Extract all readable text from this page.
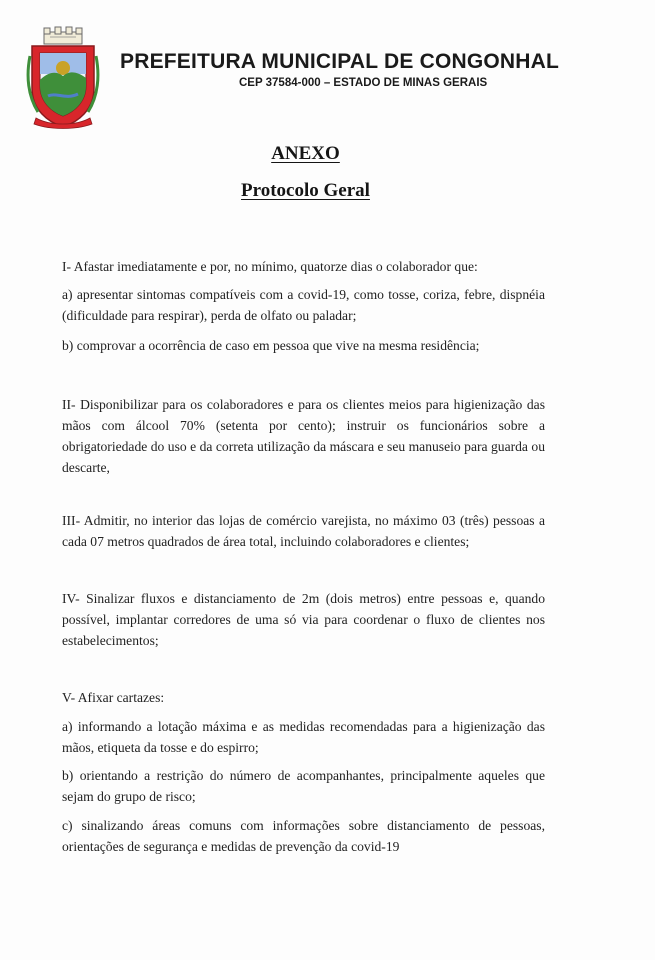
PREFEITURA MUNICIPAL DE CONGONHAL
CEP 37584-000 – ESTADO DE MINAS GERAIS
ANEXO
Protocolo Geral
I- Afastar imediatamente e por, no mínimo, quatorze dias o colaborador que:
a) apresentar sintomas compatíveis com a covid-19, como tosse, coriza, febre, dispnéia (dificuldade para respirar), perda de olfato ou paladar;
b) comprovar a ocorrência de caso em pessoa que vive na mesma residência;
II- Disponibilizar para os colaboradores e para os clientes meios para higienização das mãos com álcool 70% (setenta por cento); instruir os funcionários sobre a obrigatoriedade do uso e da correta utilização da máscara e seu manuseio para guarda ou descarte,
III- Admitir, no interior das lojas de comércio varejista, no máximo 03 (três) pessoas a cada 07 metros quadrados de área total, incluindo colaboradores e clientes;
IV- Sinalizar fluxos e distanciamento de 2m (dois metros) entre pessoas e, quando possível, implantar corredores de uma só via para coordenar o fluxo de clientes nos estabelecimentos;
V- Afixar cartazes:
a) informando a lotação máxima e as medidas recomendadas para a higienização das mãos, etiqueta da tosse e do espirro;
b) orientando a restrição do número de acompanhantes, principalmente aqueles que sejam do grupo de risco;
c) sinalizando áreas comuns com informações sobre distanciamento de pessoas, orientações de segurança e medidas de prevenção da covid-19
